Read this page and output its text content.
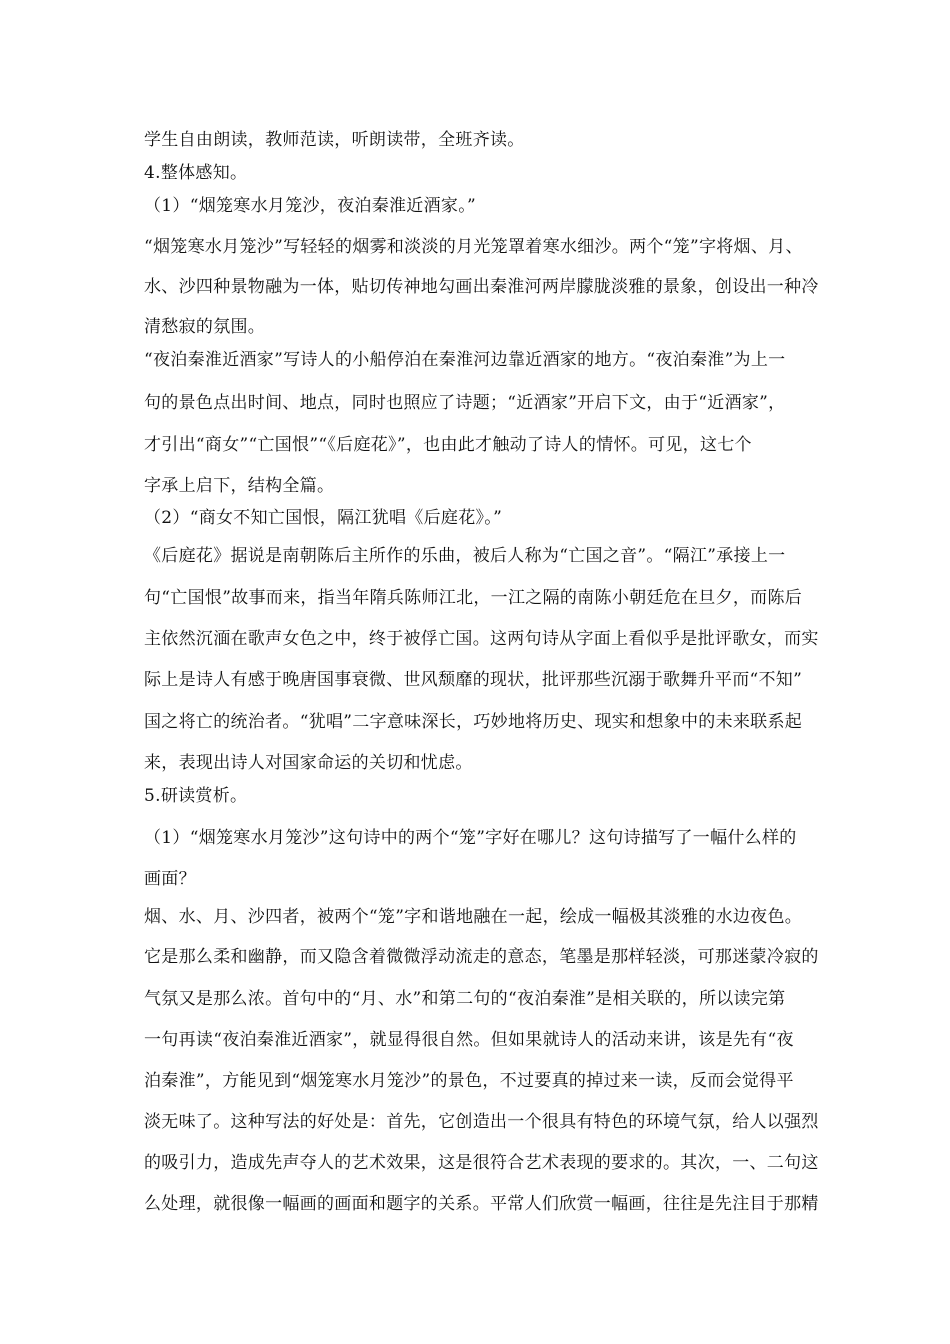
学生自由朗读，教师范读，听朗读带，全班齐读。
4.整体感知。
（1）“烟笼寒水月笼沙，夜泊秦淮近酒家。”
“烟笼寒水月笼沙”写轻轻的烟雾和淡淡的月光笼罩着寒水细沙。两个“笼”字将烟、月、
水、沙四种景物融为一体，贴切传神地勾画出秦淮河两岸朦胧淡雅的景象，创设出一种冷
清愁寂的氛围。
“夜泊秦淮近酒家”写诗人的小船停泊在秦淮河边靠近酒家的地方。“夜泊秦淮”为上一
句的景色点出时间、地点，同时也照应了诗题；“近酒家”开启下文，由于“近酒家”，
才引出“商女”“亡国恨”“《后庭花》”，也由此才触动了诗人的情怀。可见，这七个
字承上启下，结构全篇。
（2）“商女不知亡国恨，隔江犹唱《后庭花》。”
《后庭花》据说是南朝陈后主所作的乐曲，被后人称为“亡国之音”。“隔江”承接上一
句“亡国恨”故事而来，指当年隋兵陈师江北，一江之隔的南陈小朝廷危在旦夕，而陈后
主依然沉湎在歌声女色之中，终于被俘亡国。这两句诗从字面上看似乎是批评歌女，而实
际上是诗人有感于晚唐国事衰微、世风颓靡的现状，批评那些沉溺于歌舞升平而“不知”
国之将亡的统治者。“犹唱”二字意味深长，巧妙地将历史、现实和想象中的未来联系起
来，表现出诗人对国家命运的关切和忧虑。
5.研读赏析。
（1）“烟笼寒水月笼沙”这句诗中的两个“笼”字好在哪儿？这句诗描写了一幅什么样的
画面？
烟、水、月、沙四者，被两个“笼”字和谐地融在一起，绘成一幅极其淡雅的水边夜色。
它是那么柔和幽静，而又隐含着微微浮动流走的意态，笔墨是那样轻淡，可那迷蒙冷寂的
气氛又是那么浓。首句中的“月、水”和第二句的“夜泊秦淮”是相关联的，所以读完第
一句再读“夜泊秦淮近酒家”，就显得很自然。但如果就诗人的活动来讲，该是先有“夜
泊秦淮”，方能见到“烟笼寒水月笼沙”的景色，不过要真的掉过来一读，反而会觉得平
淡无味了。这种写法的好处是：首先，它创造出一个很具有特色的环境气氛，给人以强烈
的吸引力，造成先声夺人的艺术效果，这是很符合艺术表现的要求的。其次，一、二句这
么处理，就很像一幅画的画面和题字的关系。平常人们欣赏一幅画，往往是先注目于那精
